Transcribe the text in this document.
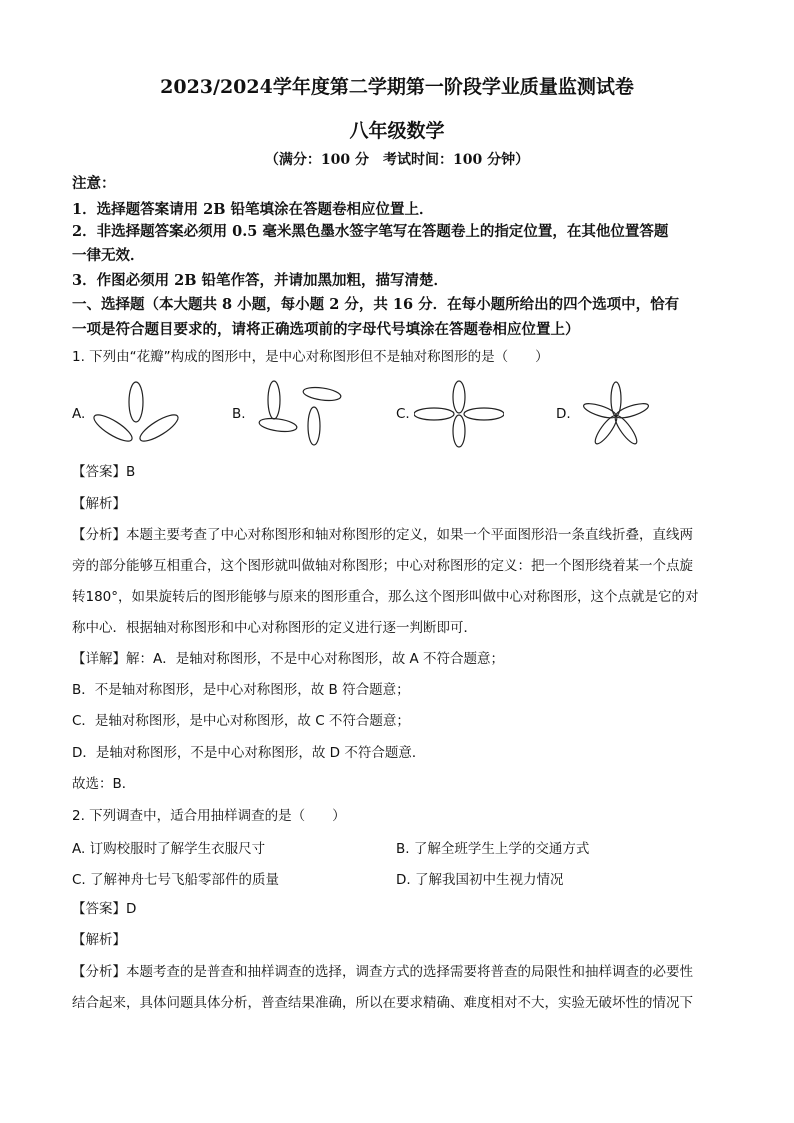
2023/2024学年度第二学期第一阶段学业质量监测试卷
八年级数学
（满分：100 分　考试时间：100 分钟）
注意：
1．选择题答案请用 2B 铅笔填涂在答题卷相应位置上．
2．非选择题答案必须用 0.5 毫米黑色墨水签字笔写在答题卷上的指定位置，在其他位置答题
一律无效．
3．作图必须用 2B 铅笔作答，并请加黑加粗，描写清楚．
一、选择题（本大题共 8 小题，每小题 2 分，共 16 分．在每小题所给出的四个选项中，恰有
一项是符合题目要求的，请将正确选项前的字母代号填涂在答题卷相应位置上）
1. 下列由“花瓣”构成的图形中，是中心对称图形但不是轴对称图形的是（　　）
A.	B.	C.	D.
【答案】B
【解析】
【分析】本题主要考查了中心对称图形和轴对称图形的定义，如果一个平面图形沿一条直线折叠，直线两
旁的部分能够互相重合，这个图形就叫做轴对称图形；中心对称图形的定义：把一个图形绕着某一个点旋
转180°，如果旋转后的图形能够与原来的图形重合，那么这个图形叫做中心对称图形，这个点就是它的对
称中心．根据轴对称图形和中心对称图形的定义进行逐一判断即可．
【详解】解：A．是轴对称图形，不是中心对称图形，故 A 不符合题意；
B．不是轴对称图形，是中心对称图形，故 B 符合题意；
C．是轴对称图形，是中心对称图形，故 C 不符合题意；
D．是轴对称图形，不是中心对称图形，故 D 不符合题意．
故选：B．
2. 下列调查中，适合用抽样调查的是（　　）
A. 订购校服时了解学生衣服尺寸	B. 了解全班学生上学的交通方式
C. 了解神舟七号飞船零部件的质量	D. 了解我国初中生视力情况
【答案】D
【解析】
【分析】本题考查的是普查和抽样调查的选择，调查方式的选择需要将普查的局限性和抽样调查的必要性
结合起来，具体问题具体分析，普查结果准确，所以在要求精确、难度相对不大，实验无破坏性的情况下
